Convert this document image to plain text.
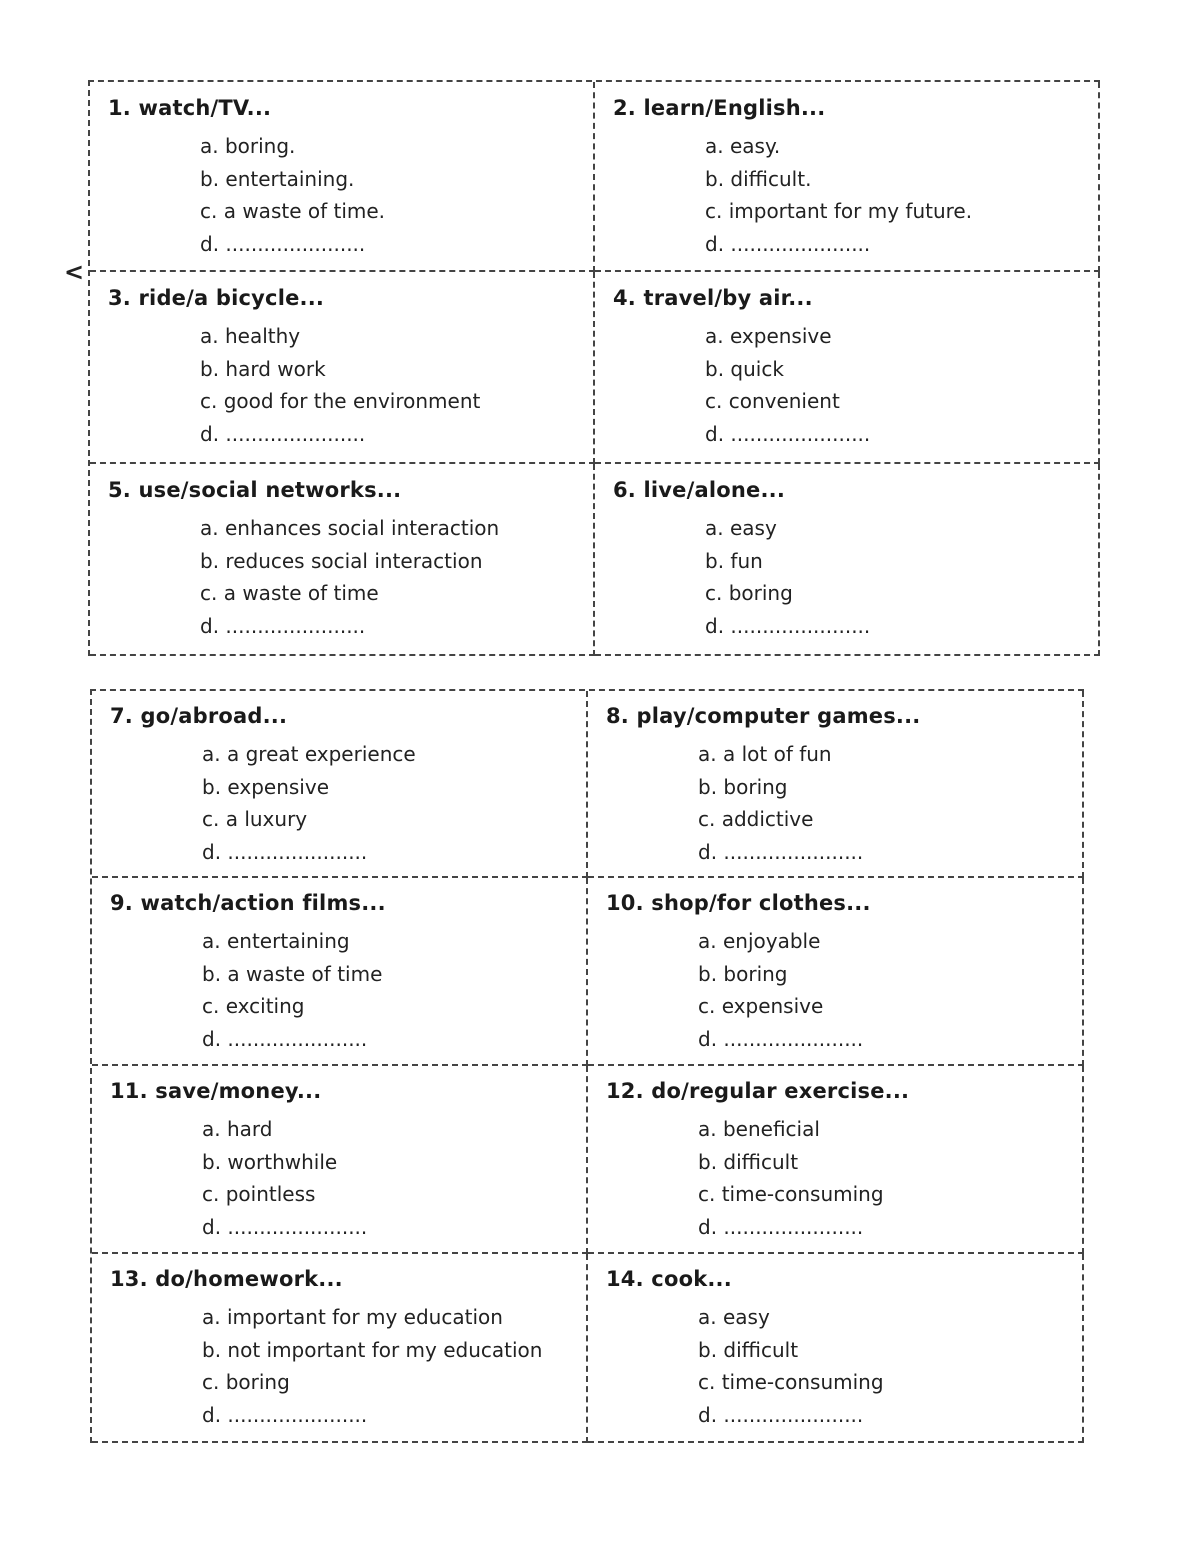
<
1. watch/TV...
a. boring.
b. entertaining.
c. a waste of time.
d. ......................
2. learn/English...
a. easy.
b. difficult.
c. important for my future.
d. ......................
3. ride/a bicycle...
a. healthy
b. hard work
c. good for the environment
d. ......................
4. travel/by air...
a. expensive
b. quick
c. convenient
d. ......................
5. use/social networks...
a. enhances social interaction
b. reduces social interaction
c. a waste of time
d. ......................
6. live/alone...
a. easy
b. fun
c. boring
d. ......................
7. go/abroad...
a. a great experience
b. expensive
c. a luxury
d. ......................
8. play/computer games...
a. a lot of fun
b. boring
c. addictive
d. ......................
9. watch/action films...
a. entertaining
b. a waste of time
c. exciting
d. ......................
10. shop/for clothes...
a. enjoyable
b. boring
c. expensive
d. ......................
11. save/money...
a. hard
b. worthwhile
c. pointless
d. ......................
12. do/regular exercise...
a. beneficial
b. difficult
c. time-consuming
d. ......................
13. do/homework...
a. important for my education
b. not important for my education
c. boring
d. ......................
14. cook...
a. easy
b. difficult
c. time-consuming
d. ......................
